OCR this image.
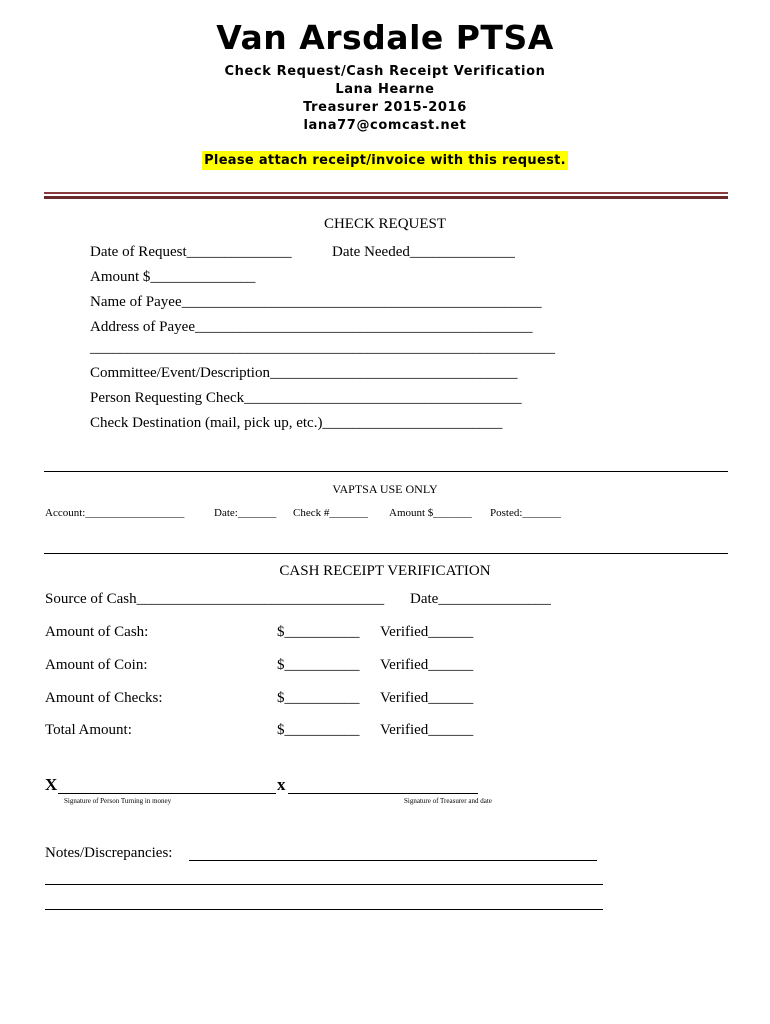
Van Arsdale PTSA
Check Request/Cash Receipt Verification
Lana Hearne
Treasurer 2015-2016
lana77@comcast.net
Please attach receipt/invoice with this request.
CHECK REQUEST
Date of Request______________	Date Needed______________
Amount $______________
Name of Payee________________________________________________
Address of Payee_____________________________________________
______________________________________________________________
Committee/Event/Description_________________________________
Person Requesting Check_____________________________________
Check Destination (mail, pick up, etc.)________________________
VAPTSA USE ONLY
Account:__________________	Date:_______ Check #_______ Amount $_______ Posted:_______
CASH RECEIPT VERIFICATION
Source of Cash_________________________________ Date_______________
Amount of Cash:	$__________ Verified______
Amount of Coin:	$__________ Verified______
Amount of Checks:	$__________ Verified______
Total Amount:	$__________ Verified______
X	x
Signature of Person Turning in money	Signature of Treasurer and date
Notes/Discrepancies:
